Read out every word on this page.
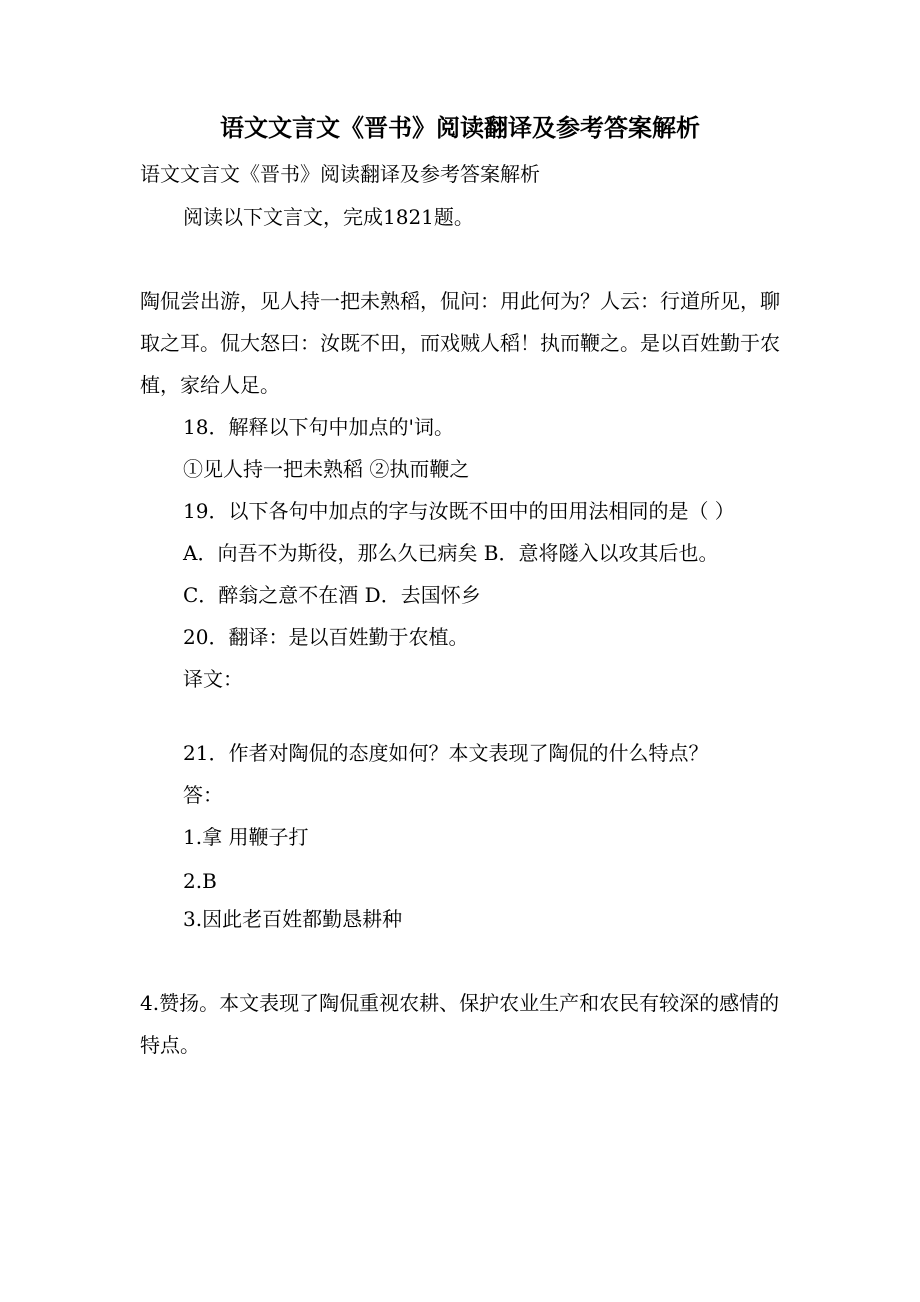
语文文言文《晋书》阅读翻译及参考答案解析
语文文言文《晋书》阅读翻译及参考答案解析
阅读以下文言文，完成1821题。
陶侃尝出游，见人持一把未熟稻，侃问：用此何为？人云：行道所见，聊取之耳。侃大怒曰：汝既不田，而戏贼人稻！执而鞭之。是以百姓勤于农植，家给人足。
18．解释以下句中加点的'词。
①见人持一把未熟稻 ②执而鞭之
19．以下各句中加点的字与汝既不田中的田用法相同的是（ ）
A．向吾不为斯役，那么久已病矣 B．意将隧入以攻其后也。
C．醉翁之意不在酒 D．去国怀乡
20．翻译：是以百姓勤于农植。
译文：
21．作者对陶侃的态度如何？本文表现了陶侃的什么特点？
答：
1.拿 用鞭子打
2.B
3.因此老百姓都勤恳耕种
4.赞扬。本文表现了陶侃重视农耕、保护农业生产和农民有较深的感情的特点。
